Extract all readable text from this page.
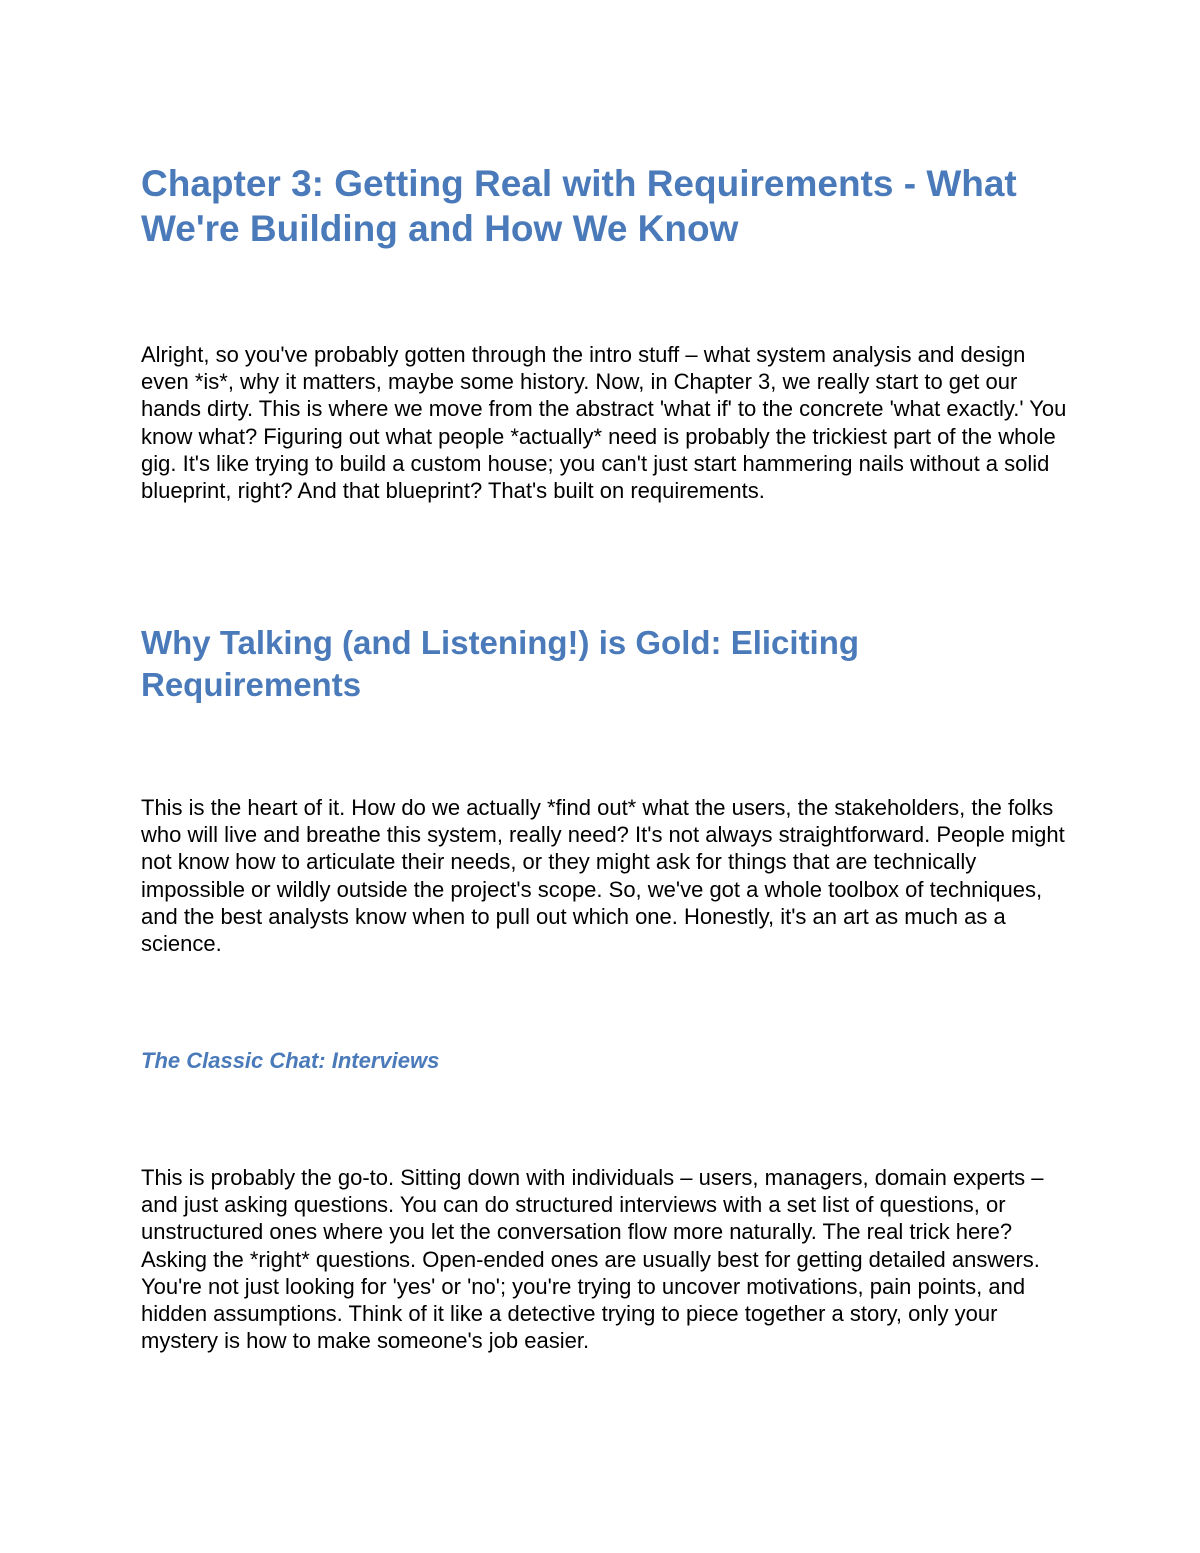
Chapter 3: Getting Real with Requirements - What We're Building and How We Know

Alright, so you've probably gotten through the intro stuff – what system analysis and design even *is*, why it matters, maybe some history. Now, in Chapter 3, we really start to get our hands dirty. This is where we move from the abstract 'what if' to the concrete 'what exactly.' You know what? Figuring out what people *actually* need is probably the trickiest part of the whole gig. It's like trying to build a custom house; you can't just start hammering nails without a solid blueprint, right? And that blueprint? That's built on requirements.

Why Talking (and Listening!) is Gold: Eliciting Requirements

This is the heart of it. How do we actually *find out* what the users, the stakeholders, the folks who will live and breathe this system, really need? It's not always straightforward. People might not know how to articulate their needs, or they might ask for things that are technically impossible or wildly outside the project's scope. So, we've got a whole toolbox of techniques, and the best analysts know when to pull out which one. Honestly, it's an art as much as a science.

The Classic Chat: Interviews

This is probably the go-to. Sitting down with individuals – users, managers, domain experts – and just asking questions. You can do structured interviews with a set list of questions, or unstructured ones where you let the conversation flow more naturally. The real trick here? Asking the *right* questions. Open-ended ones are usually best for getting detailed answers. You're not just looking for 'yes' or 'no'; you're trying to uncover motivations, pain points, and hidden assumptions. Think of it like a detective trying to piece together a story, only your mystery is how to make someone's job easier.
